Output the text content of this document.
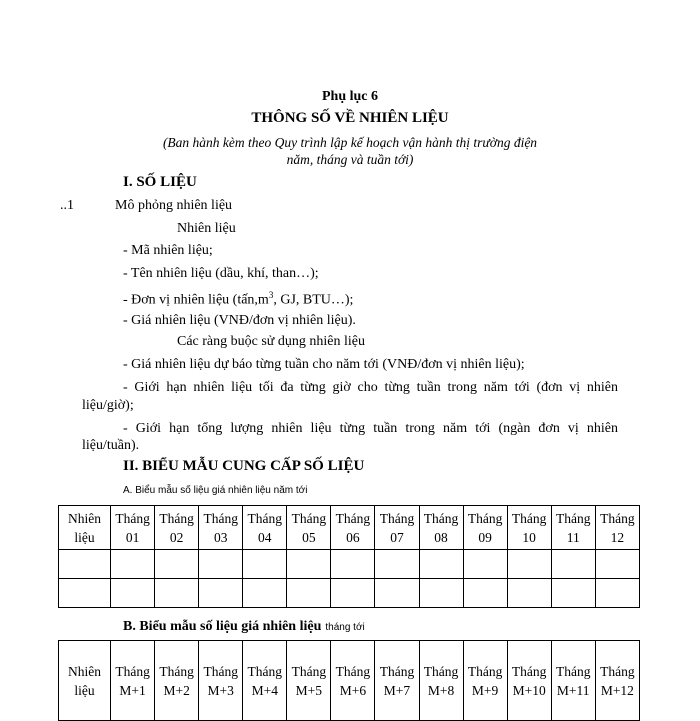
Phụ lục 6
THÔNG SỐ VỀ NHIÊN LIỆU
(Ban hành kèm theo Quy trình lập kế hoạch vận hành thị trường điện
năm, tháng và tuần tới)
I. SỐ LIỆU
..1	Mô phỏng nhiên liệu
Nhiên liệu
- Mã nhiên liệu;
- Tên nhiên liệu (dầu, khí, than…);
- Đơn vị nhiên liệu ($tấn,m^3$, GJ, BTU…);
- Giá nhiên liệu (VNĐ/đơn vị nhiên liệu).
Các ràng buộc sử dụng nhiên liệu
- Giá nhiên liệu dự báo từng tuần cho năm tới (VNĐ/đơn vị nhiên liệu);
- Giới hạn nhiên liệu tối đa từng giờ cho từng tuần trong năm tới (đơn vị nhiên
liệu/giờ);
- Giới hạn tổng lượng nhiên liệu từng tuần trong năm tới (ngàn đơn vị nhiên
liệu/tuần).
II. BIỂU MẪU CUNG CẤP SỐ LIỆU
A. Biểu mẫu số liệu giá nhiên liệu năm tới
Nhiên liệu	Tháng 01	Tháng 02	Tháng 03	Tháng 04	Tháng 05	Tháng 06	Tháng 07	Tháng 08	Tháng 09	Tháng 10	Tháng 11	Tháng 12

B. Biểu mẫu số liệu giá nhiên liệu tháng tới
Nhiên liệu	Tháng M+1	Tháng M+2	Tháng M+3	Tháng M+4	Tháng M+5	Tháng M+6	Tháng M+7	Tháng M+8	Tháng M+9	Tháng M+10	Tháng M+11	Tháng M+12
